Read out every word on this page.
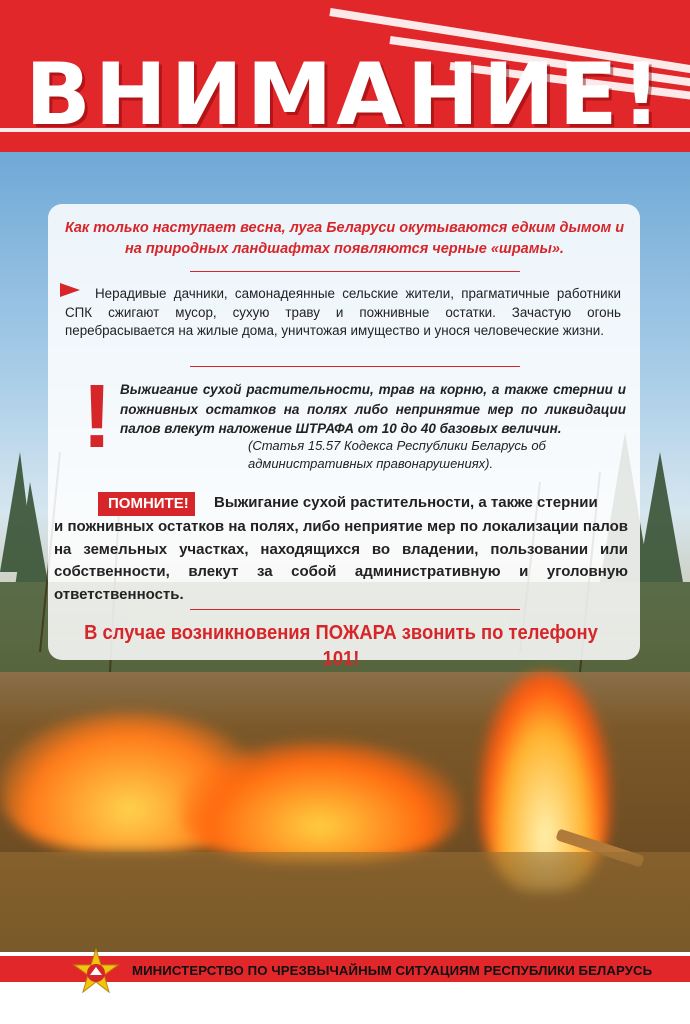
ВНИМАНИЕ!
Как только наступает весна, луга Беларуси окутываются едким дымом и на природных ландшафтах появляются черные «шрамы».
Нерадивые дачники, самонадеянные сельские жители, прагматичные работники СПК сжигают мусор, сухую траву и пожнивные остатки. Зачастую огонь перебрасывается на жилые дома, уничтожая имущество и унося человеческие жизни.
! Выжигание сухой растительности, трав на корню, а также стернии и пожнивных остатков на полях либо непринятие мер по ликвидации палов влекут наложение ШТРАФА от 10 до 40 базовых величин.
(Статья 15.57 Кодекса Республики Беларусь об административных правонарушениях).
Выжигание сухой растительности, а также стернии
ПОМНИТЕ!
и пожнивных остатков на полях, либо неприятие мер по локализации палов на земельных участках, находящихся во владении, пользовании или собственности, влекут за собой административную и уголовную ответственность.
В случае возникновения ПОЖАРА звонить по телефону 101!
МИНИСТЕРСТВО ПО ЧРЕЗВЫЧАЙНЫМ СИТУАЦИЯМ РЕСПУБЛИКИ БЕЛАРУСЬ
